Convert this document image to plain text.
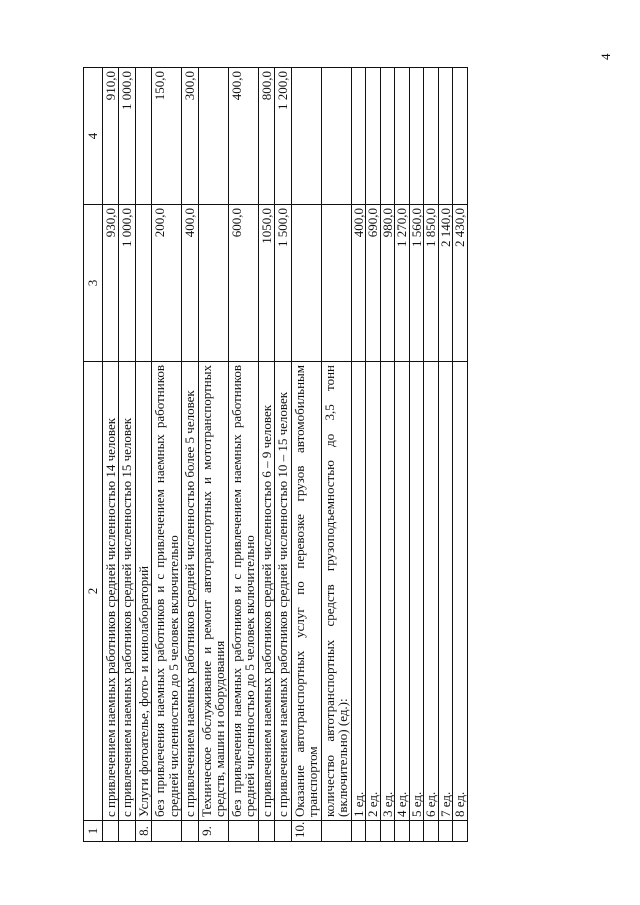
4
1	2	3	4
	с привлечением наемных работников средней численностью 14 человек	930,0	910,0
	с привлечением наемных работников средней численностью 15 человек	1 000,0	1 000,0
8.	Услуги фотоателье, фото- и кинолабораторий		
	без привлечения наемных работников и с привлечением наемных работников средней численностью до 5 человек включительно	200,0	150,0
	с привлечением наемных работников средней численностью более 5 человек	400,0	300,0
9.	Техническое обслуживание и ремонт автотранспортных и мототранспортных средств, машин и оборудования		
	без привлечения наемных работников и с привлечением наемных работников средней численностью до 5 человек включительно	600,0	400,0
	с привлечением наемных работников средней численностью 6 – 9 человек	1050,0	800,0
	с привлечением наемных работников средней численностью 10 – 15 человек	1 500,0	1 200,0
10.	Оказание автотранспортных услуг по перевозке грузов автомобильным транспортом		
	количество автотранспортных средств грузоподъемностью до 3,5 тонн (включительно) (ед.):		
	1 ед.	400,0	
	2 ед.	690,0	
	3 ед.	980,0	
	4 ед.	1 270,0	
	5 ед.	1 560,0	
	6 ед.	1 850,0	
	7 ед.	2 140,0	
	8 ед.	2 430,0	
